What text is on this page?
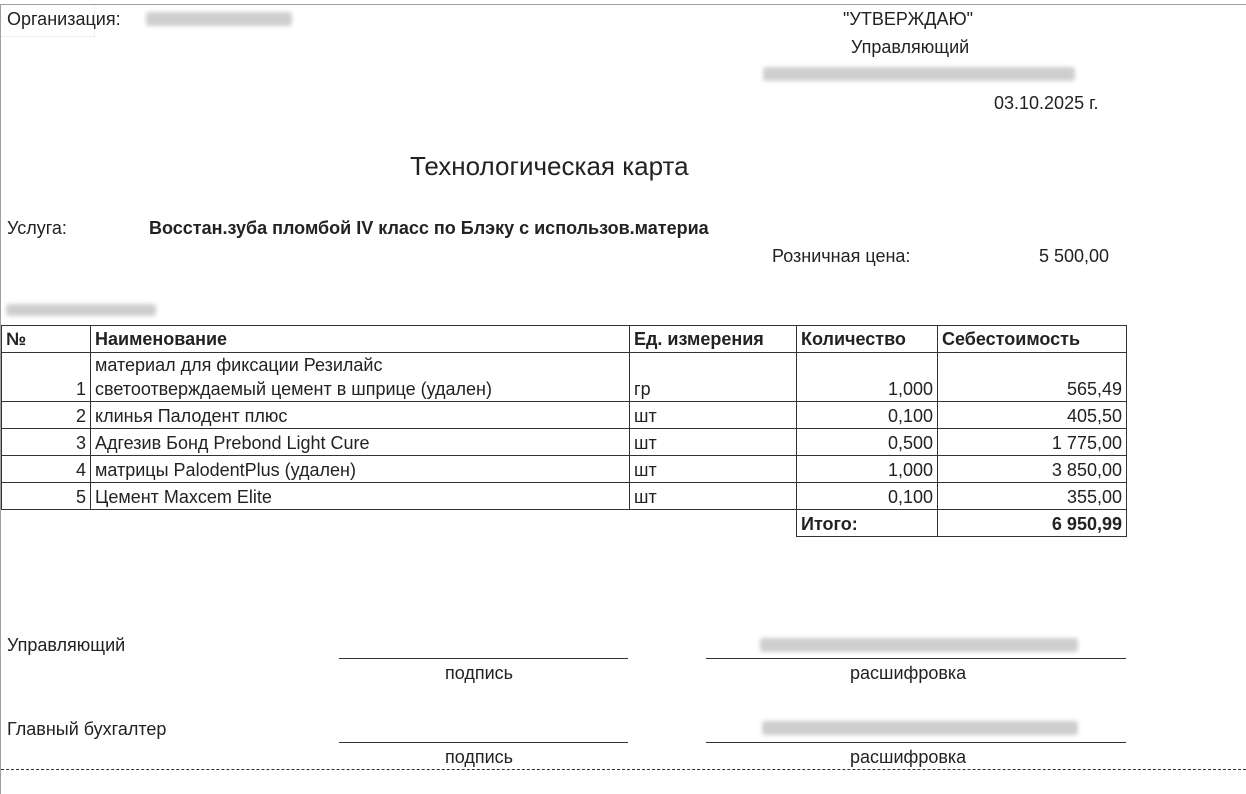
Организация:	"УТВЕРЖДАЮ"
Управляющий
03.10.2025 г.
Технологическая карта
Услуга:	Восстан.зуба пломбой IV класс по Блэку с использов.материа
Розничная цена:	5 500,00
№	Наименование	Ед. измерения	Количество	Себестоимость
1	материал для фиксации Резилайс
светоотверждаемый цемент в шприце (удален)	гр	1,000	565,49
2	клинья Палодент плюс	шт	0,100	405,50
3	Адгезив Бонд Prebond Light Cure	шт	0,500	1 775,00
4	матрицы PalodentPlus (удален)	шт	1,000	3 850,00
5	Цемент Maxcem Elite	шт	0,100	355,00
			Итого:	6 950,99
Управляющий
подпись	расшифровка
Главный бухгалтер
подпись	расшифровка
